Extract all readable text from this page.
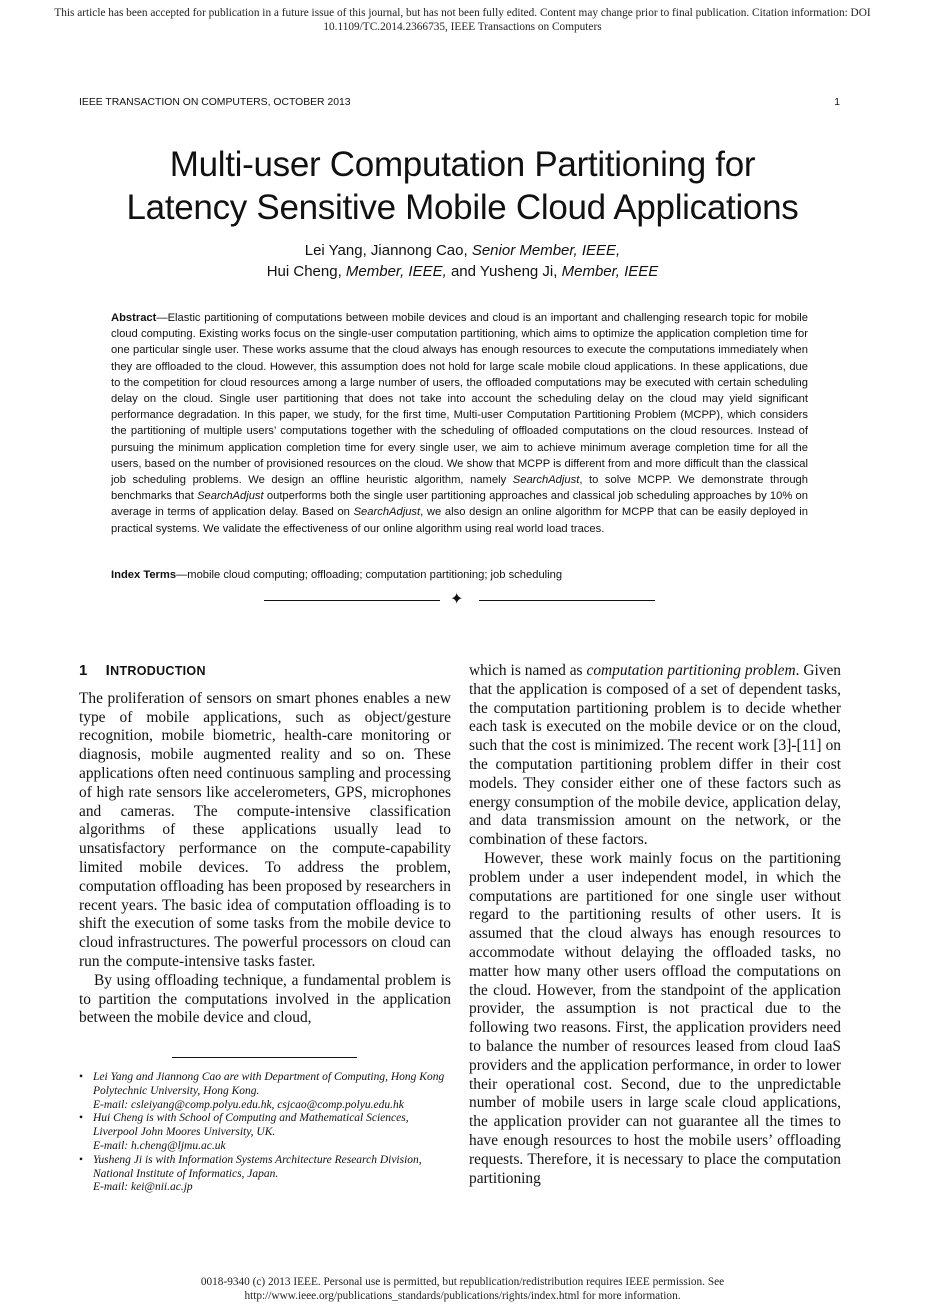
This article has been accepted for publication in a future issue of this journal, but has not been fully edited. Content may change prior to final publication. Citation information: DOI
10.1109/TC.2014.2366735, IEEE Transactions on Computers
IEEE TRANSACTION ON COMPUTERS, OCTOBER 2013	1
Multi-user Computation Partitioning for
Latency Sensitive Mobile Cloud Applications
Lei Yang, Jiannong Cao, Senior Member, IEEE,
Hui Cheng, Member, IEEE, and Yusheng Ji, Member, IEEE
Abstract—Elastic partitioning of computations between mobile devices and cloud is an important and challenging research topic for mobile cloud computing. Existing works focus on the single-user computation partitioning, which aims to optimize the application completion time for one particular single user. These works assume that the cloud always has enough resources to execute the computations immediately when they are offloaded to the cloud. However, this assumption does not hold for large scale mobile cloud applications. In these applications, due to the competition for cloud resources among a large number of users, the offloaded computations may be executed with certain scheduling delay on the cloud. Single user partitioning that does not take into account the scheduling delay on the cloud may yield significant performance degradation. In this paper, we study, for the first time, Multi-user Computation Partitioning Problem (MCPP), which considers the partitioning of multiple users’ computations together with the scheduling of offloaded computations on the cloud resources. Instead of pursuing the minimum application completion time for every single user, we aim to achieve minimum average completion time for all the users, based on the number of provisioned resources on the cloud. We show that MCPP is different from and more difficult than the classical job scheduling problems. We design an offline heuristic algorithm, namely SearchAdjust, to solve MCPP. We demonstrate through benchmarks that SearchAdjust outperforms both the single user partitioning approaches and classical job scheduling approaches by 10% on average in terms of application delay. Based on SearchAdjust, we also design an online algorithm for MCPP that can be easily deployed in practical systems. We validate the effectiveness of our online algorithm using real world load traces.
Index Terms—mobile cloud computing; offloading; computation partitioning; job scheduling
✦
1 INTRODUCTION

The proliferation of sensors on smart phones enables a new type of mobile applications, such as object/gesture recognition, mobile biometric, health-care monitoring or diagnosis, mobile augmented reality and so on. These applications often need continuous sampling and processing of high rate sensors like accelerometers, GPS, microphones and cameras. The compute-intensive classification algorithms of these applications usually lead to unsatisfactory performance on the compute-capability limited mobile devices. To address the problem, computation offloading has been proposed by researchers in recent years. The basic idea of computation offloading is to shift the execution of some tasks from the mobile device to cloud infrastructures. The powerful processors on cloud can run the compute-intensive tasks faster.

By using offloading technique, a fundamental problem is to partition the computations involved in the application between the mobile device and cloud,

which is named as computation partitioning problem. Given that the application is composed of a set of dependent tasks, the computation partitioning problem is to decide whether each task is executed on the mobile device or on the cloud, such that the cost is minimized. The recent work [3]-[11] on the computation partitioning problem differ in their cost models. They consider either one of these factors such as energy consumption of the mobile device, application delay, and data transmission amount on the network, or the combination of these factors.

However, these work mainly focus on the partitioning problem under a user independent model, in which the computations are partitioned for one single user without regard to the partitioning results of other users. It is assumed that the cloud always has enough resources to accommodate without delaying the offloaded tasks, no matter how many other users offload the computations on the cloud. However, from the standpoint of the application provider, the assumption is not practical due to the following two reasons. First, the application providers need to balance the number of resources leased from cloud IaaS providers and the application performance, in order to lower their operational cost. Second, due to the unpredictable number of mobile users in large scale cloud applications, the application provider can not guarantee all the times to have enough resources to host the mobile users’ offloading requests. Therefore, it is necessary to place the computation partitioning

• Lei Yang and Jiannong Cao are with Department of Computing, Hong Kong Polytechnic University, Hong Kong.
E-mail: csleiyang@comp.polyu.edu.hk, csjcao@comp.polyu.edu.hk

• Hui Cheng is with School of Computing and Mathematical Sciences, Liverpool John Moores University, UK.
E-mail: h.cheng@ljmu.ac.uk

• Yusheng Ji is with Information Systems Architecture Research Division, National Institute of Informatics, Japan.
E-mail: kei@nii.ac.jp

0018-9340 (c) 2013 IEEE. Personal use is permitted, but republication/redistribution requires IEEE permission. See
http://www.ieee.org/publications_standards/publications/rights/index.html for more information.
